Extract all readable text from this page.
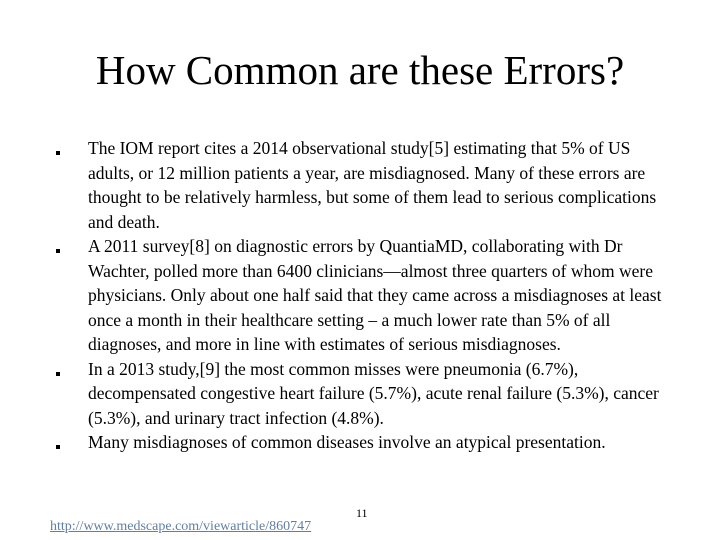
How Common are these Errors?
The IOM report cites a 2014 observational study[5] estimating that 5% of US adults, or 12 million patients a year, are misdiagnosed. Many of these errors are thought to be relatively harmless, but some of them lead to serious complications and death.
A 2011 survey[8] on diagnostic errors by QuantiaMD, collaborating with Dr Wachter, polled more than 6400 clinicians—almost three quarters of whom were physicians. Only about one half said that they came across a misdiagnoses at least once a month in their healthcare setting – a much lower rate than 5% of all diagnoses, and more in line with estimates of serious misdiagnoses.
In a 2013 study,[9] the most common misses were pneumonia (6.7%), decompensated congestive heart failure (5.7%), acute renal failure (5.3%), cancer (5.3%), and urinary tract infection (4.8%).
Many misdiagnoses of common diseases involve an atypical presentation.
11
http://www.medscape.com/viewarticle/860747
